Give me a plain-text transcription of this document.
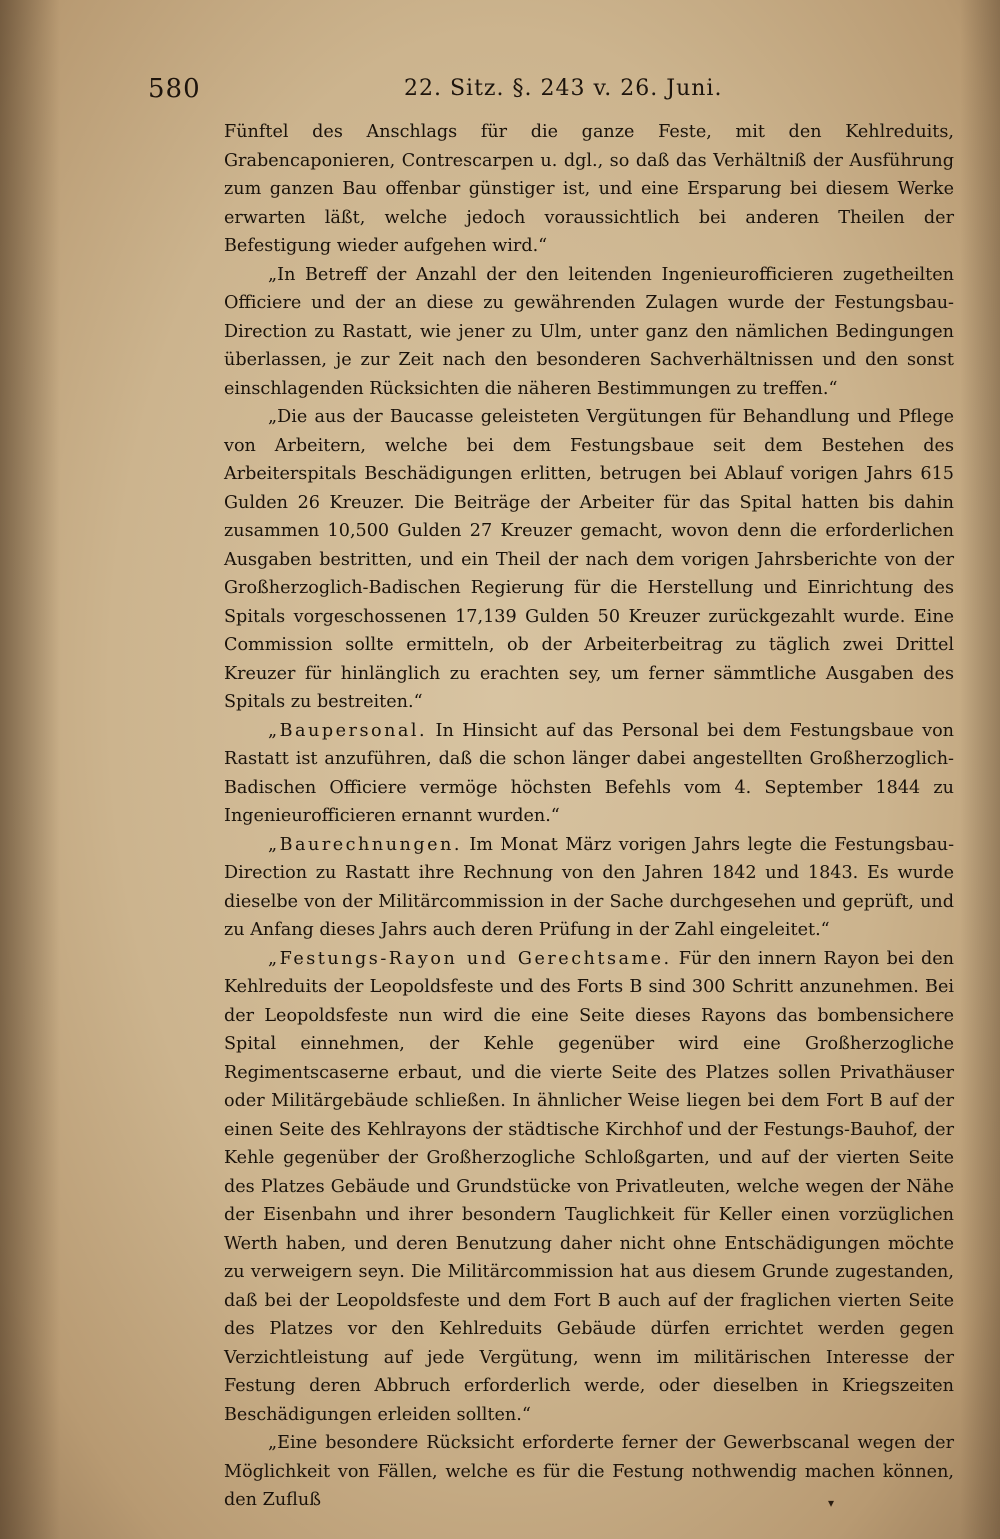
580	22. Sitz. §. 243 v. 26. Juni.

Fünftel des Anschlags für die ganze Feste, mit den Kehlreduits, Grabencaponieren, Contrescarpen u. dgl., so daß das Verhältniß der Ausführung zum ganzen Bau offenbar günstiger ist, und eine Ersparung bei diesem Werke erwarten läßt, welche jedoch voraussichtlich bei anderen Theilen der Befestigung wieder aufgehen wird.“

„In Betreff der Anzahl der den leitenden Ingenieurofficieren zugetheilten Officiere und der an diese zu gewährenden Zulagen wurde der Festungsbau-Direction zu Rastatt, wie jener zu Ulm, unter ganz den nämlichen Bedingungen überlassen, je zur Zeit nach den besonderen Sachverhältnissen und den sonst einschlagenden Rücksichten die näheren Bestimmungen zu treffen.“

„Die aus der Baucasse geleisteten Vergütungen für Behandlung und Pflege von Arbeitern, welche bei dem Festungsbaue seit dem Bestehen des Arbeiterspitals Beschädigungen erlitten, betrugen bei Ablauf vorigen Jahrs 615 Gulden 26 Kreuzer. Die Beiträge der Arbeiter für das Spital hatten bis dahin zusammen 10,500 Gulden 27 Kreuzer gemacht, wovon denn die erforderlichen Ausgaben bestritten, und ein Theil der nach dem vorigen Jahrsberichte von der Großherzoglich-Badischen Regierung für die Herstellung und Einrichtung des Spitals vorgeschossenen 17,139 Gulden 50 Kreuzer zurückgezahlt wurde. Eine Commission sollte ermitteln, ob der Arbeiterbeitrag zu täglich zwei Drittel Kreuzer für hinlänglich zu erachten sey, um ferner sämmtliche Ausgaben des Spitals zu bestreiten.“

„Baupersonal. In Hinsicht auf das Personal bei dem Festungsbaue von Rastatt ist anzuführen, daß die schon länger dabei angestellten Großherzoglich-Badischen Officiere vermöge höchsten Befehls vom 4. September 1844 zu Ingenieurofficieren ernannt wurden.“

„Baurechnungen. Im Monat März vorigen Jahrs legte die Festungsbau-Direction zu Rastatt ihre Rechnung von den Jahren 1842 und 1843. Es wurde dieselbe von der Militärcommission in der Sache durchgesehen und geprüft, und zu Anfang dieses Jahrs auch deren Prüfung in der Zahl eingeleitet.“

„Festungs-Rayon und Gerechtsame. Für den innern Rayon bei den Kehlreduits der Leopoldsfeste und des Forts B sind 300 Schritt anzunehmen. Bei der Leopoldsfeste nun wird die eine Seite dieses Rayons das bombensichere Spital einnehmen, der Kehle gegenüber wird eine Großherzogliche Regimentscaserne erbaut, und die vierte Seite des Platzes sollen Privathäuser oder Militärgebäude schließen. In ähnlicher Weise liegen bei dem Fort B auf der einen Seite des Kehlrayons der städtische Kirchhof und der Festungs-Bauhof, der Kehle gegenüber der Großherzogliche Schloßgarten, und auf der vierten Seite des Platzes Gebäude und Grundstücke von Privatleuten, welche wegen der Nähe der Eisenbahn und ihrer besondern Tauglichkeit für Keller einen vorzüglichen Werth haben, und deren Benutzung daher nicht ohne Entschädigungen möchte zu verweigern seyn. Die Militärcommission hat aus diesem Grunde zugestanden, daß bei der Leopoldsfeste und dem Fort B auch auf der fraglichen vierten Seite des Platzes vor den Kehlreduits Gebäude dürfen errichtet werden gegen Verzichtleistung auf jede Vergütung, wenn im militärischen Interesse der Festung deren Abbruch erforderlich werde, oder dieselben in Kriegszeiten Beschädigungen erleiden sollten.“

„Eine besondere Rücksicht erforderte ferner der Gewerbscanal wegen der Möglichkeit von Fällen, welche es für die Festung nothwendig machen können, den Zufluß	▾
